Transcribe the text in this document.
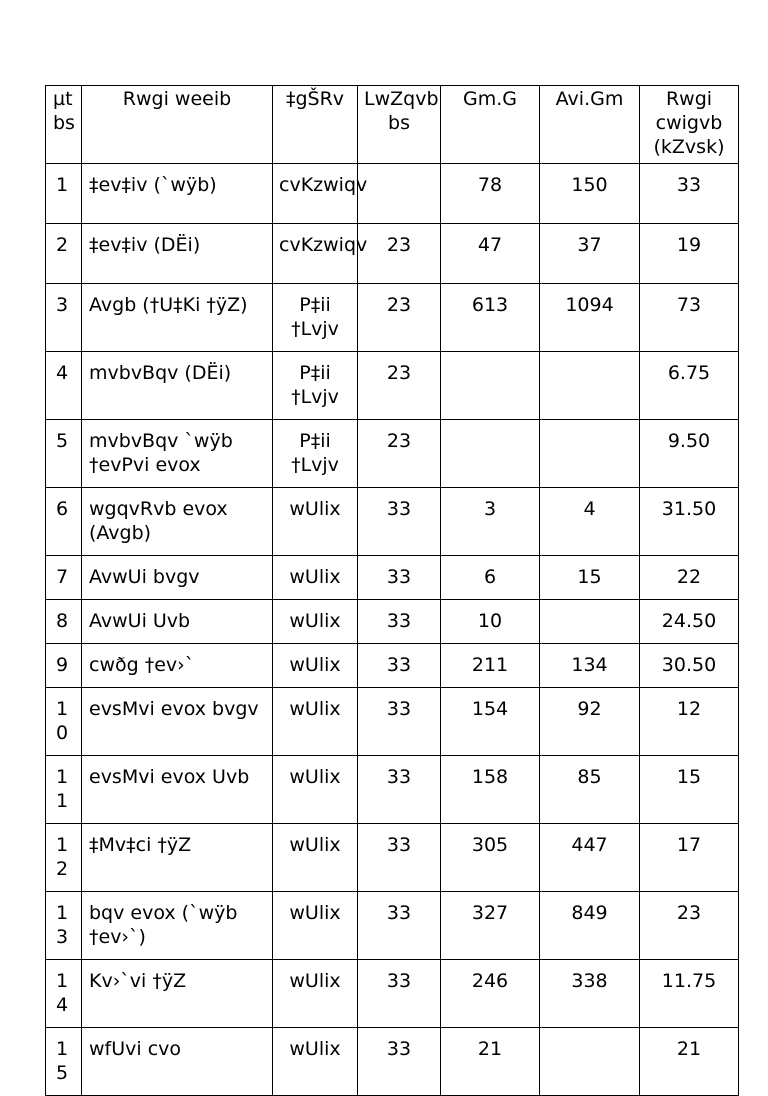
µtbs	Rwgi weeib	‡gŠRv	LwZqvb bs	Gm.G	Avi.Gm	Rwgi cwigvb (kZvsk)
1	‡ev‡iv (`wÿb)	cvKzwiqv		78	150	33
2	‡ev‡iv (DËi)	cvKzwiqv	23	47	37	19
3	Avgb (†U‡Ki †ÿZ)	P‡ii †Lvjv	23	613	1094	73
4	mvbvBqv (DËi)	P‡ii †Lvjv	23			6.75
5	mvbvBqv `wÿb †evPvi evox	P‡ii †Lvjv	23			9.50
6	wgqvRvb evox (Avgb)	wUlix	33	3	4	31.50
7	AvwUi bvgv	wUlix	33	6	15	22
8	AvwUi Uvb	wUlix	33	10		24.50
9	cwðg †ev›`	wUlix	33	211	134	30.50
10	evsMvi evox bvgv	wUlix	33	154	92	12
11	evsMvi evox Uvb	wUlix	33	158	85	15
12	‡Mv‡ci †ÿZ	wUlix	33	305	447	17
13	bqv evox (`wÿb †ev›`)	wUlix	33	327	849	23
14	Kv›`vi †ÿZ	wUlix	33	246	338	11.75
15	wfUvi cvo	wUlix	33	21		21
